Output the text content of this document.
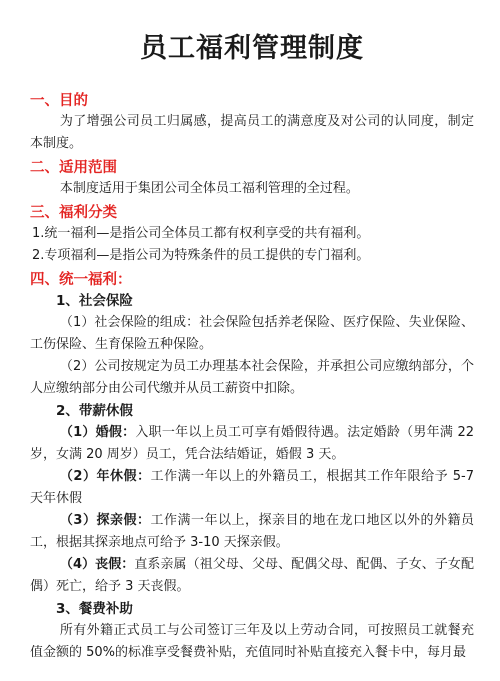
员工福利管理制度
一、目的

为了增强公司员工归属感，提高员工的满意度及对公司的认同度，制定本制度。

二、适用范围

本制度适用于集团公司全体员工福利管理的全过程。

三、福利分类

1.统一福利—是指公司全体员工都有权利享受的共有福利。

2.专项福利—是指公司为特殊条件的员工提供的专门福利。

四、统一福利：

1、社会保险

（1）社会保险的组成：社会保险包括养老保险、医疗保险、失业保险、工伤保险、生育保险五种保险。

（2）公司按规定为员工办理基本社会保险，并承担公司应缴纳部分，个人应缴纳部分由公司代缴并从员工薪资中扣除。

2、带薪休假

（1）婚假：入职一年以上员工可享有婚假待遇。法定婚龄（男年满 22 岁，女满 20 周岁）员工，凭合法结婚证，婚假 3 天。

（2）年休假：工作满一年以上的外籍员工，根据其工作年限给予 5-7 天年休假

（3）探亲假：工作满一年以上，探亲目的地在龙口地区以外的外籍员工，根据其探亲地点可给予 3-10 天探亲假。

（4）丧假：直系亲属（祖父母、父母、配偶父母、配偶、子女、子女配偶）死亡，给予 3 天丧假。

3、餐费补助

所有外籍正式员工与公司签订三年及以上劳动合同，可按照员工就餐充值金额的 50%的标准享受餐费补贴，充值同时补贴直接充入餐卡中，每月最
